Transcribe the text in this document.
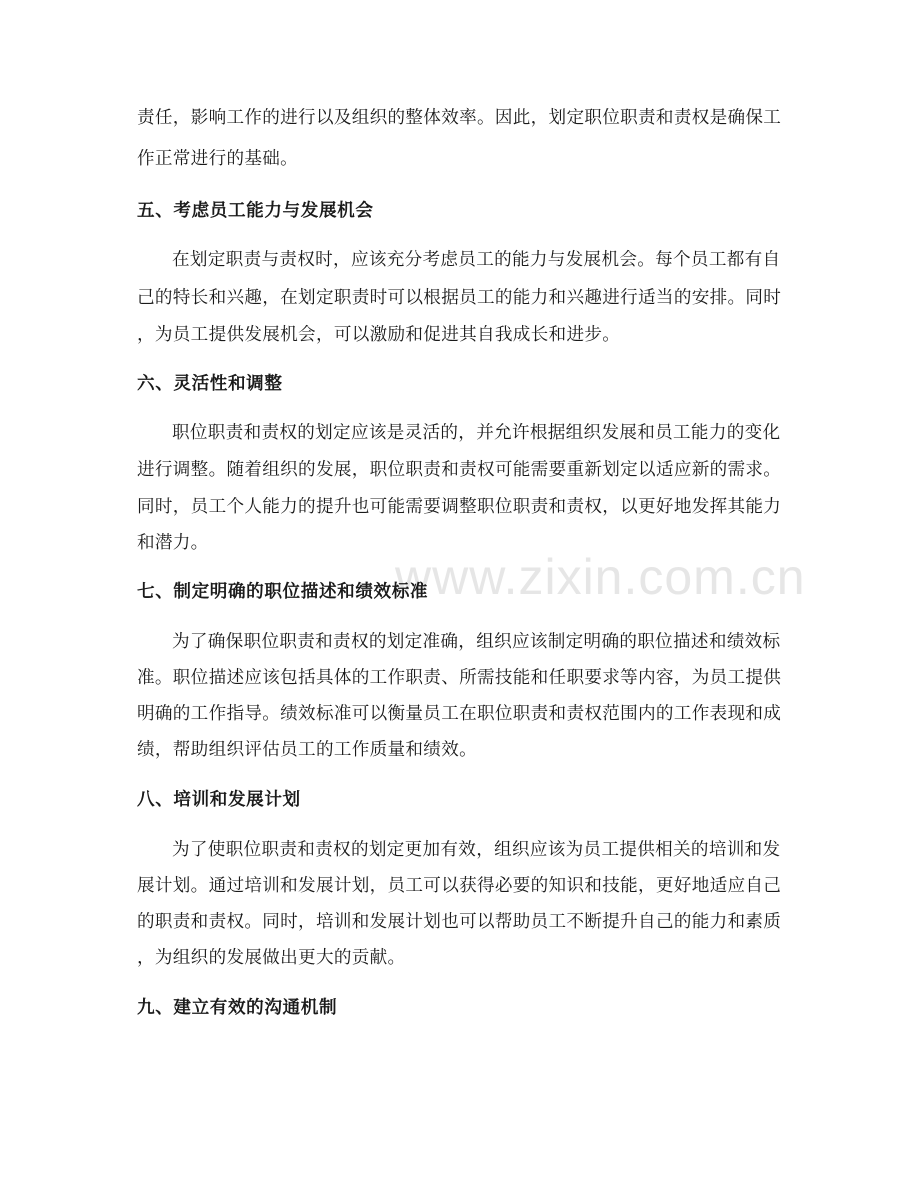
www.zixin.com.cn
责任，影响工作的进行以及组织的整体效率。因此，划定职位职责和责权是确保工
作正常进行的基础。
五、考虑员工能力与发展机会
在划定职责与责权时，应该充分考虑员工的能力与发展机会。每个员工都有自
己的特长和兴趣，在划定职责时可以根据员工的能力和兴趣进行适当的安排。同时
，为员工提供发展机会，可以激励和促进其自我成长和进步。
六、灵活性和调整
职位职责和责权的划定应该是灵活的，并允许根据组织发展和员工能力的变化
进行调整。随着组织的发展，职位职责和责权可能需要重新划定以适应新的需求。
同时，员工个人能力的提升也可能需要调整职位职责和责权，以更好地发挥其能力
和潜力。
七、制定明确的职位描述和绩效标准
为了确保职位职责和责权的划定准确，组织应该制定明确的职位描述和绩效标
准。职位描述应该包括具体的工作职责、所需技能和任职要求等内容，为员工提供
明确的工作指导。绩效标准可以衡量员工在职位职责和责权范围内的工作表现和成
绩，帮助组织评估员工的工作质量和绩效。
八、培训和发展计划
为了使职位职责和责权的划定更加有效，组织应该为员工提供相关的培训和发
展计划。通过培训和发展计划，员工可以获得必要的知识和技能，更好地适应自己
的职责和责权。同时，培训和发展计划也可以帮助员工不断提升自己的能力和素质
，为组织的发展做出更大的贡献。
九、建立有效的沟通机制
